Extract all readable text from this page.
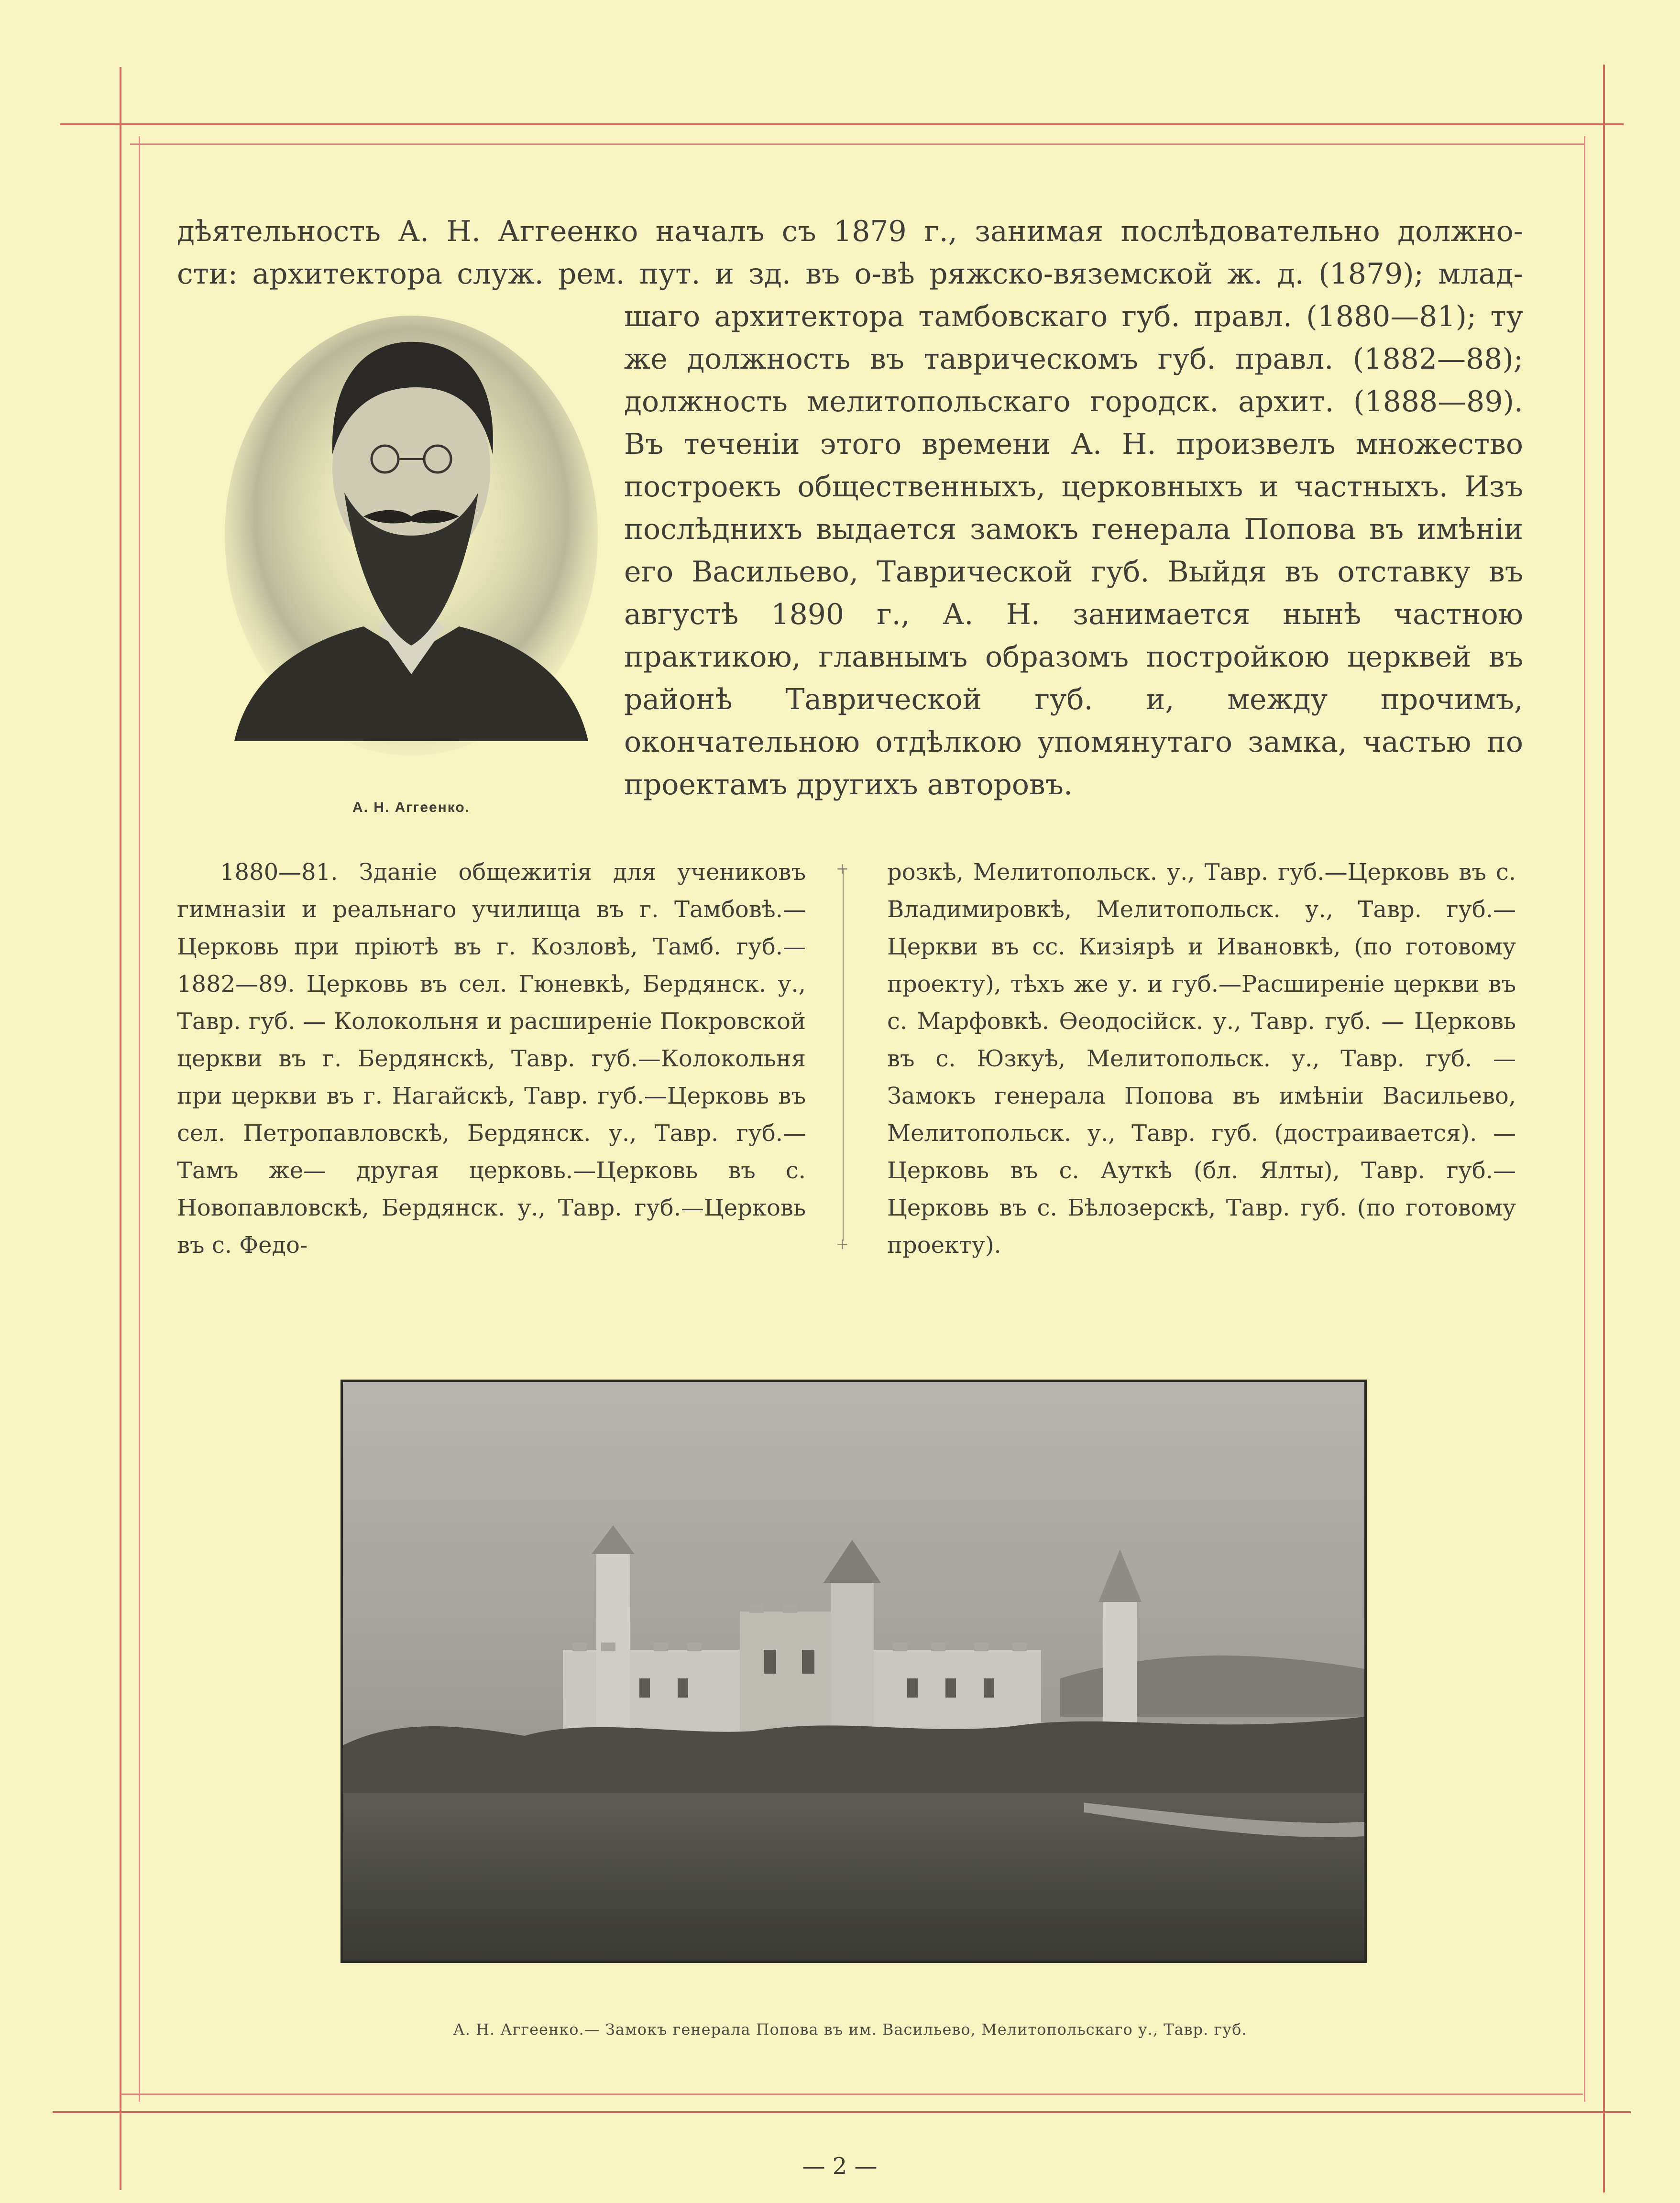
дѣятельность А. Н. Аггеенко началъ съ 1879 г., занимая послѣдовательно должно-
сти: архитектора служ. рем. пут. и зд. въ о-вѣ ряжско-вяземской ж. д. (1879); млад-
шаго архитектора тамбовскаго губ. правл. (1880—81); ту же должность въ таврическомъ губ. правл. (1882—88); должность мелитопольскаго городск. архит. (1888—89). Въ теченіи этого времени А. Н. произвелъ множество построекъ общественныхъ, церковныхъ и частныхъ. Изъ послѣднихъ выдается замокъ генерала Попова въ имѣніи его Васильево, Таврической губ. Выйдя въ отставку въ августѣ 1890 г., А. Н. занимается нынѣ частною практикою, главнымъ образомъ постройкою церквей въ районѣ Таврической губ. и, между прочимъ, окончательною отдѣлкою упомянутаго замка, частью по проектамъ другихъ авторовъ.
А. Н. Аггеенко.
1880—81. Зданіе общежитія для учениковъ гимназіи и реальнаго училища въ г. Тамбовѣ.— Церковь при пріютѣ въ г. Козловѣ, Тамб. губ.— 1882—89. Церковь въ сел. Гюневкѣ, Бердянск. у., Тавр. губ. — Колокольня и расширеніе Покровской церкви въ г. Бердянскѣ, Тавр. губ.—Колокольня при церкви въ г. Нагайскѣ, Тавр. губ.—Церковь въ сел. Петропавловскѣ, Бердянск. у., Тавр. губ.—Тамъ же— другая церковь.—Церковь въ с. Новопавловскѣ, Бердянск. у., Тавр. губ.—Церковь въ с. Федо-
+
+
розкѣ, Мелитопольск. у., Тавр. губ.—Церковь въ с. Владимировкѣ, Мелитопольск. у., Тавр. губ.—Церкви въ сс. Кизіярѣ и Ивановкѣ, (по готовому проекту), тѣхъ же у. и губ.—Расширеніе церкви въ с. Марфовкѣ. Ѳеодосійск. у., Тавр. губ. — Церковь въ с. Юзкуѣ, Мелитопольск. у., Тавр. губ. — Замокъ генерала Попова въ имѣніи Васильево, Мелитопольск. у., Тавр. губ. (достраивается). — Церковь въ с. Ауткѣ (бл. Ялты), Тавр. губ.—Церковь въ с. Бѣлозерскѣ, Тавр. губ. (по готовому проекту).
А. Н. Аггеенко.— Замокъ генерала Попова въ им. Васильево, Мелитопольскаго у., Тавр. губ.
— 2 —
